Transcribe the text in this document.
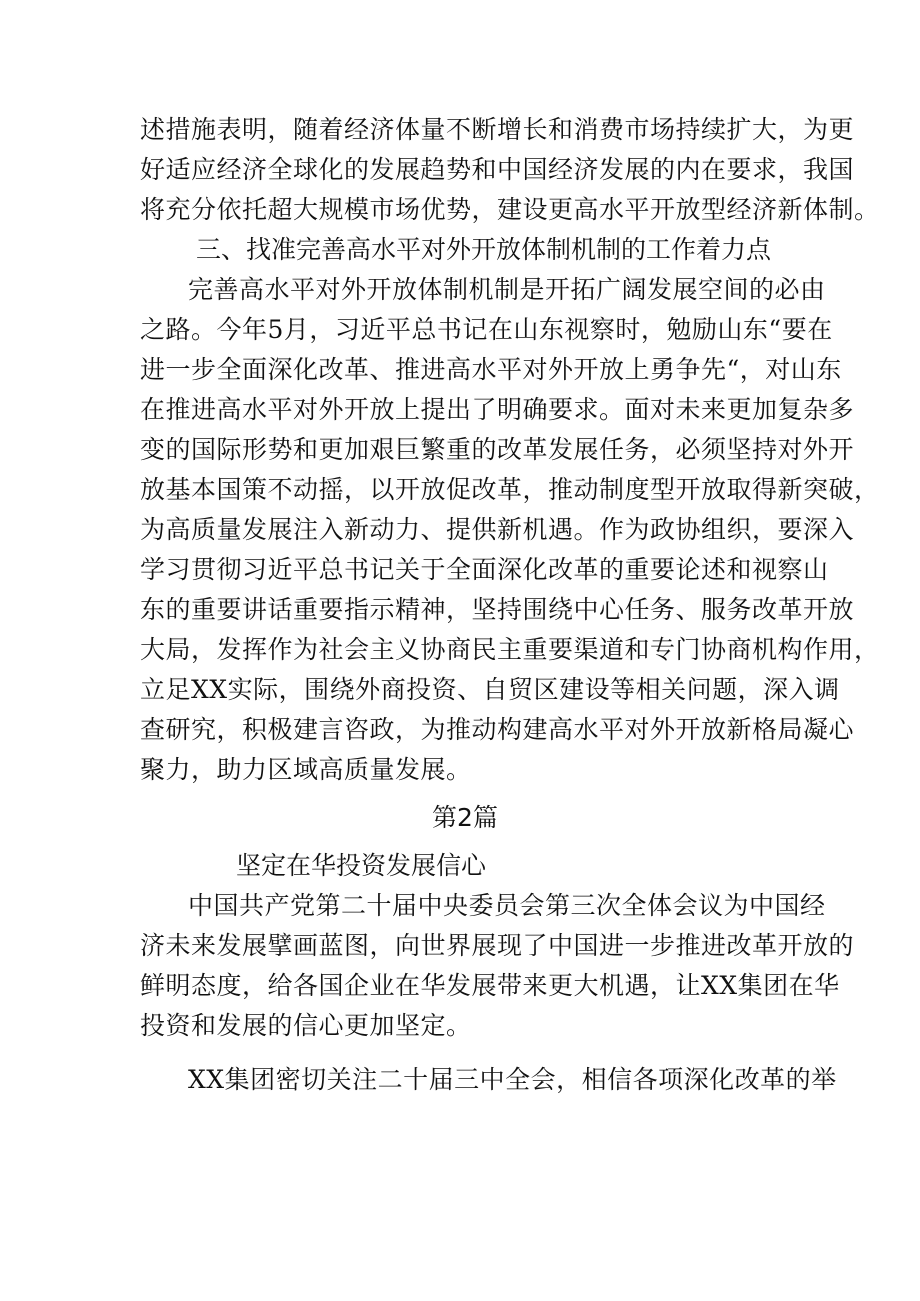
述措施表明，随着经济体量不断增长和消费市场持续扩大，为更
好适应经济全球化的发展趋势和中国经济发展的内在要求，我国
将充分依托超大规模市场优势，建设更高水平开放型经济新体制。
三、找准完善高水平对外开放体制机制的工作着力点
完善高水平对外开放体制机制是开拓广阔发展空间的必由
之路。今年5月，习近平总书记在山东视察时，勉励山东“要在
进一步全面深化改革、推进高水平对外开放上勇争先“，对山东
在推进高水平对外开放上提出了明确要求。面对未来更加复杂多
变的国际形势和更加艰巨繁重的改革发展任务，必须坚持对外开
放基本国策不动摇，以开放促改革，推动制度型开放取得新突破，
为高质量发展注入新动力、提供新机遇。作为政协组织，要深入
学习贯彻习近平总书记关于全面深化改革的重要论述和视察山
东的重要讲话重要指示精神，坚持围绕中心任务、服务改革开放
大局，发挥作为社会主义协商民主重要渠道和专门协商机构作用，
立足XX实际，围绕外商投资、自贸区建设等相关问题，深入调
查研究，积极建言咨政，为推动构建高水平对外开放新格局凝心
聚力，助力区域高质量发展。
第2篇
坚定在华投资发展信心
中国共产党第二十届中央委员会第三次全体会议为中国经
济未来发展擘画蓝图，向世界展现了中国进一步推进改革开放的
鲜明态度，给各国企业在华发展带来更大机遇，让XX集团在华
投资和发展的信心更加坚定。
XX集团密切关注二十届三中全会，相信各项深化改革的举
